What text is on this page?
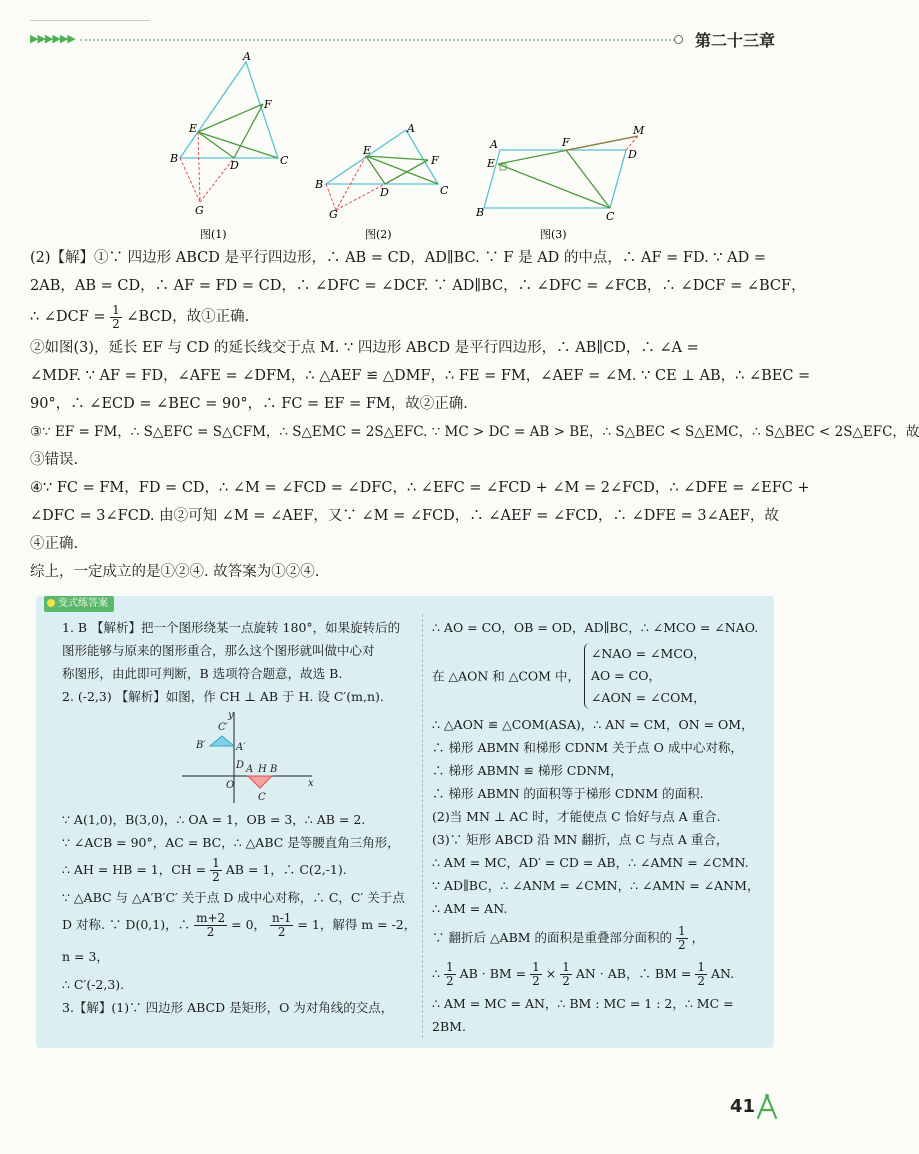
▶▶▶▶▶▶	第二十三章
A
B	C
D
E
F
G
图(1)
A
B	C
D
E
F
G
图(2)
A
B	C
D
E
F
M
图(3)
(2)【解】①∵ 四边形 ABCD 是平行四边形，∴ AB = CD，AD∥BC. ∵ F 是 AD 的中点，∴ AF = FD. ∵ AD =
2AB，AB = CD，∴ AF = FD = CD，∴ ∠DFC = ∠DCF. ∵ AD∥BC，∴ ∠DFC = ∠FCB，∴ ∠DCF = ∠BCF，
∴ ∠DCF = $\frac{1}{2}$ ∠BCD，故①正确.
②如图(3)，延长 EF 与 CD 的延长线交于点 M. ∵ 四边形 ABCD 是平行四边形，∴ AB∥CD，∴ ∠A =
∠MDF. ∵ AF = FD，∠AFE = ∠DFM，∴ △AEF ≌ △DMF，∴ FE = FM，∠AEF = ∠M. ∵ CE ⊥ AB，∴ ∠BEC =
90°，∴ ∠ECD = ∠BEC = 90°，∴ FC = EF = FM，故②正确.
③∵ EF = FM，∴ S△EFC = S△CFM，∴ S△EMC = 2S△EFC. ∵ MC > DC = AB > BE，∴ S△BEC < S△EMC，∴ S△BEC < 2S△EFC，故
③错误.
④∵ FC = FM，FD = CD，∴ ∠M = ∠FCD = ∠DFC，∴ ∠EFC = ∠FCD + ∠M = 2∠FCD，∴ ∠DFE = ∠EFC +
∠DFC = 3∠FCD. 由②可知 ∠M = ∠AEF，又∵ ∠M = ∠FCD，∴ ∠AEF = ∠FCD，∴ ∠DFE = 3∠AEF，故
④正确.
综上，一定成立的是①②④. 故答案为①②④.
变式练答案
1. B 【解析】把一个图形绕某一点旋转 180°，如果旋转后的
图形能够与原来的图形重合，那么这个图形就叫做中心对
称图形，由此即可判断，B 选项符合题意，故选 B.
2. (-2,3) 【解析】如图，作 CH ⊥ AB 于 H. 设 C′(m,n).
C′
B′	A′
y
D A H B
O
C
x
∵ A(1,0)，B(3,0)，∴ OA = 1，OB = 3，∴ AB = 2.
∵ ∠ACB = 90°，AC = BC，∴ △ABC 是等腰直角三角形，
∴ AH = HB = 1，CH = $\frac{1}{2}$ AB = 1，∴ C(2,-1).
∵ △ABC 与 △A′B′C′ 关于点 D 成中心对称，∴ C，C′ 关于点
D 对称. ∵ D(0,1)，∴ $\frac{m+2}{2} = 0$， $\frac{n-1}{2} = 1$，解得 m = -2，n = 3，
∴ C′(-2,3).
3.【解】(1)∵ 四边形 ABCD 是矩形，O 为对角线的交点，
∴ AO = CO，OB = OD，AD∥BC，∴ ∠MCO = ∠NAO.
在 △AON 和 △COM 中，
∠NAO = ∠MCO，
AO = CO，
∠AON = ∠COM，
∴ △AON ≌ △COM(ASA)，∴ AN = CM，ON = OM，
∴ 梯形 ABMN 和梯形 CDNM 关于点 O 成中心对称，
∴ 梯形 ABMN ≌ 梯形 CDNM，
∴ 梯形 ABMN 的面积等于梯形 CDNM 的面积.
(2)当 MN ⊥ AC 时，才能使点 C 恰好与点 A 重合.
(3)∵ 矩形 ABCD 沿 MN 翻折，点 C 与点 A 重合，
∴ AM = MC，AD′ = CD = AB，∴ ∠AMN = ∠CMN.
∵ AD∥BC，∴ ∠ANM = ∠CMN，∴ ∠AMN = ∠ANM，
∴ AM = AN.
∵ 翻折后 △ABM 的面积是重叠部分面积的 $\frac{1}{2}$ ，
∴ $\frac{1}{2}$ AB · BM = $\frac{1}{2} \times \frac{1}{2}$ AN · AB，∴ BM = $\frac{1}{2}$ AN.
∴ AM = MC = AN，∴ BM : MC = 1 : 2，∴ MC = 2BM.
41
